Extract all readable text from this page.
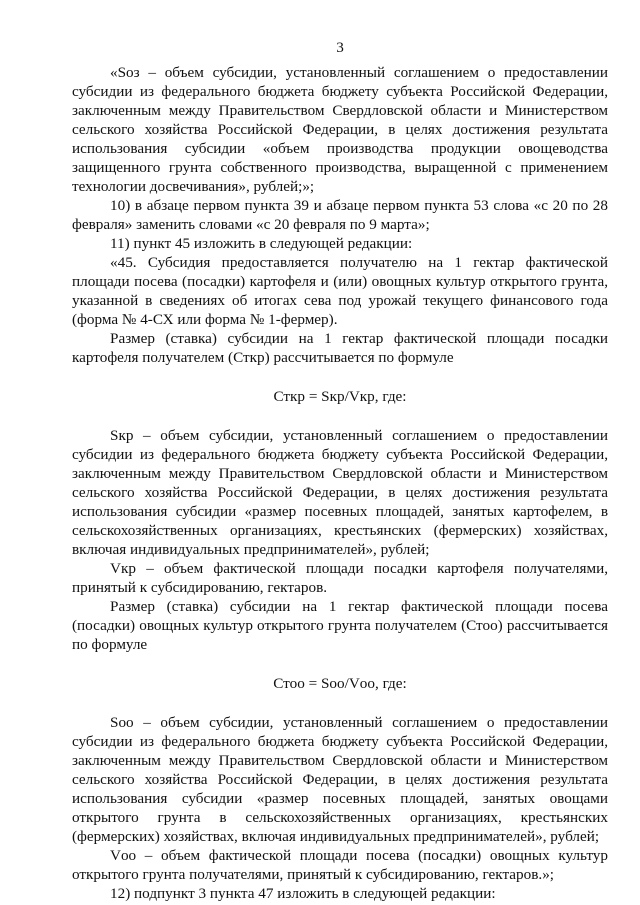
3

«Sоз – объем субсидии, установленный соглашением о предоставлении субсидии из федерального бюджета бюджету субъекта Российской Федерации, заключенным между Правительством Свердловской области и Министерством сельского хозяйства Российской Федерации, в целях достижения результата использования субсидии «объем производства продукции овощеводства защищенного грунта собственного производства, выращенной с применением технологии досвечивания», рублей;»;

10) в абзаце первом пункта 39 и абзаце первом пункта 53 слова «с 20 по 28 февраля» заменить словами «с 20 февраля по 9 марта»;

11) пункт 45 изложить в следующей редакции:

«45. Субсидия предоставляется получателю на 1 гектар фактической площади посева (посадки) картофеля и (или) овощных культур открытого грунта, указанной в сведениях об итогах сева под урожай текущего финансового года (форма № 4-СХ или форма № 1-фермер).

Размер (ставка) субсидии на 1 гектар фактической площади посадки картофеля получателем (Сткр) рассчитывается по формуле

Сткр = Sкр/Vкр, где:

Sкр – объем субсидии, установленный соглашением о предоставлении субсидии из федерального бюджета бюджету субъекта Российской Федерации, заключенным между Правительством Свердловской области и Министерством сельского хозяйства Российской Федерации, в целях достижения результата использования субсидии «размер посевных площадей, занятых картофелем, в сельскохозяйственных организациях, крестьянских (фермерских) хозяйствах, включая индивидуальных предпринимателей», рублей;

Vкр – объем фактической площади посадки картофеля получателями, принятый к субсидированию, гектаров.

Размер (ставка) субсидии на 1 гектар фактической площади посева (посадки) овощных культур открытого грунта получателем (Стоо) рассчитывается по формуле

Стоо = Sоо/Vоо, где:

Sоо – объем субсидии, установленный соглашением о предоставлении субсидии из федерального бюджета бюджету субъекта Российской Федерации, заключенным между Правительством Свердловской области и Министерством сельского хозяйства Российской Федерации, в целях достижения результата использования субсидии «размер посевных площадей, занятых овощами открытого грунта в сельскохозяйственных организациях, крестьянских (фермерских) хозяйствах, включая индивидуальных предпринимателей», рублей;

Vоо – объем фактической площади посева (посадки) овощных культур открытого грунта получателями, принятый к субсидированию, гектаров.»;

12) подпункт 3 пункта 47 изложить в следующей редакции:
